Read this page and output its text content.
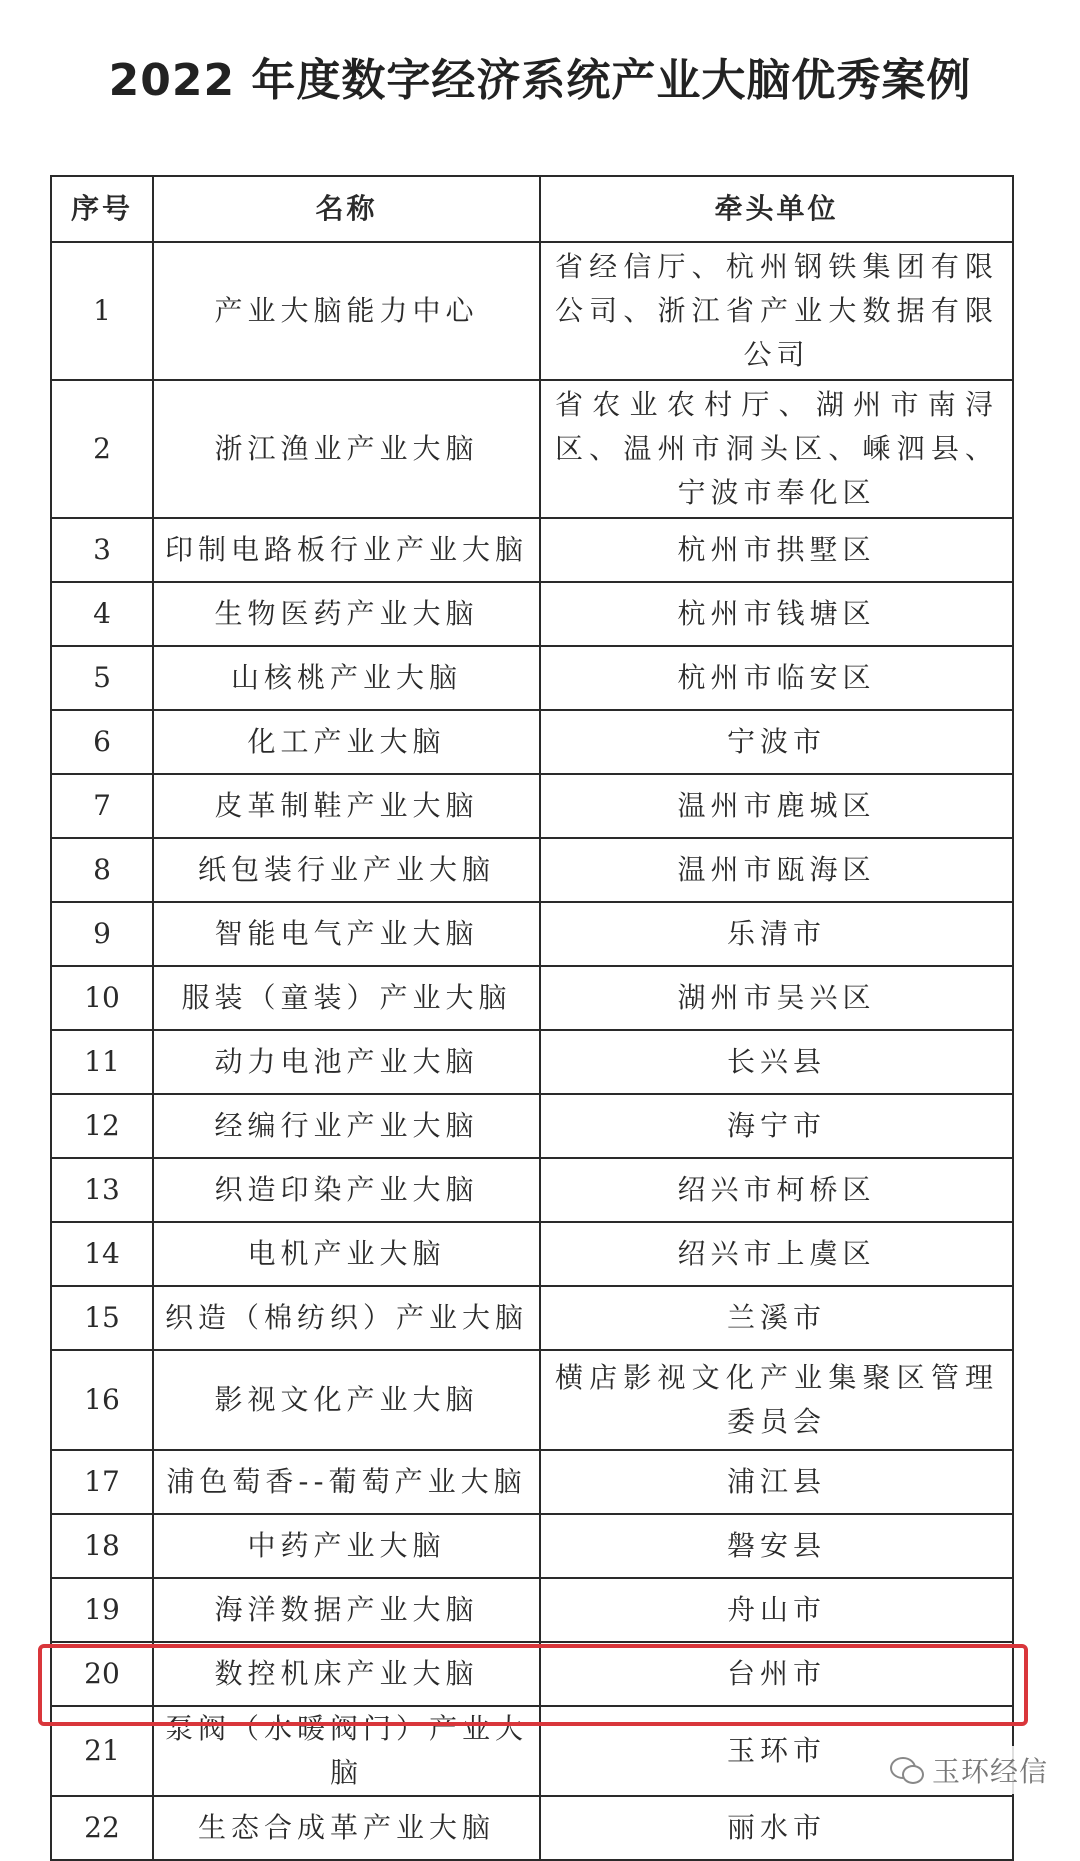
2022 年度数字经济系统产业大脑优秀案例
序号	名称	牵头单位
1	产业大脑能力中心	省经信厅、杭州钢铁集团有限公司、浙江省产业大数据有限公司
2	浙江渔业产业大脑	省农业农村厅、湖州市南浔区、温州市洞头区、嵊泗县、宁波市奉化区
3	印制电路板行业产业大脑	杭州市拱墅区
4	生物医药产业大脑	杭州市钱塘区
5	山核桃产业大脑	杭州市临安区
6	化工产业大脑	宁波市
7	皮革制鞋产业大脑	温州市鹿城区
8	纸包装行业产业大脑	温州市瓯海区
9	智能电气产业大脑	乐清市
10	服装（童装）产业大脑	湖州市吴兴区
11	动力电池产业大脑	长兴县
12	经编行业产业大脑	海宁市
13	织造印染产业大脑	绍兴市柯桥区
14	电机产业大脑	绍兴市上虞区
15	织造（棉纺织）产业大脑	兰溪市
16	影视文化产业大脑	横店影视文化产业集聚区管理委员会
17	浦色萄香--葡萄产业大脑	浦江县
18	中药产业大脑	磐安县
19	海洋数据产业大脑	舟山市
20	数控机床产业大脑	台州市
21	泵阀（水暖阀门）产业大脑	玉环市
22	生态合成革产业大脑	丽水市
玉环经信
